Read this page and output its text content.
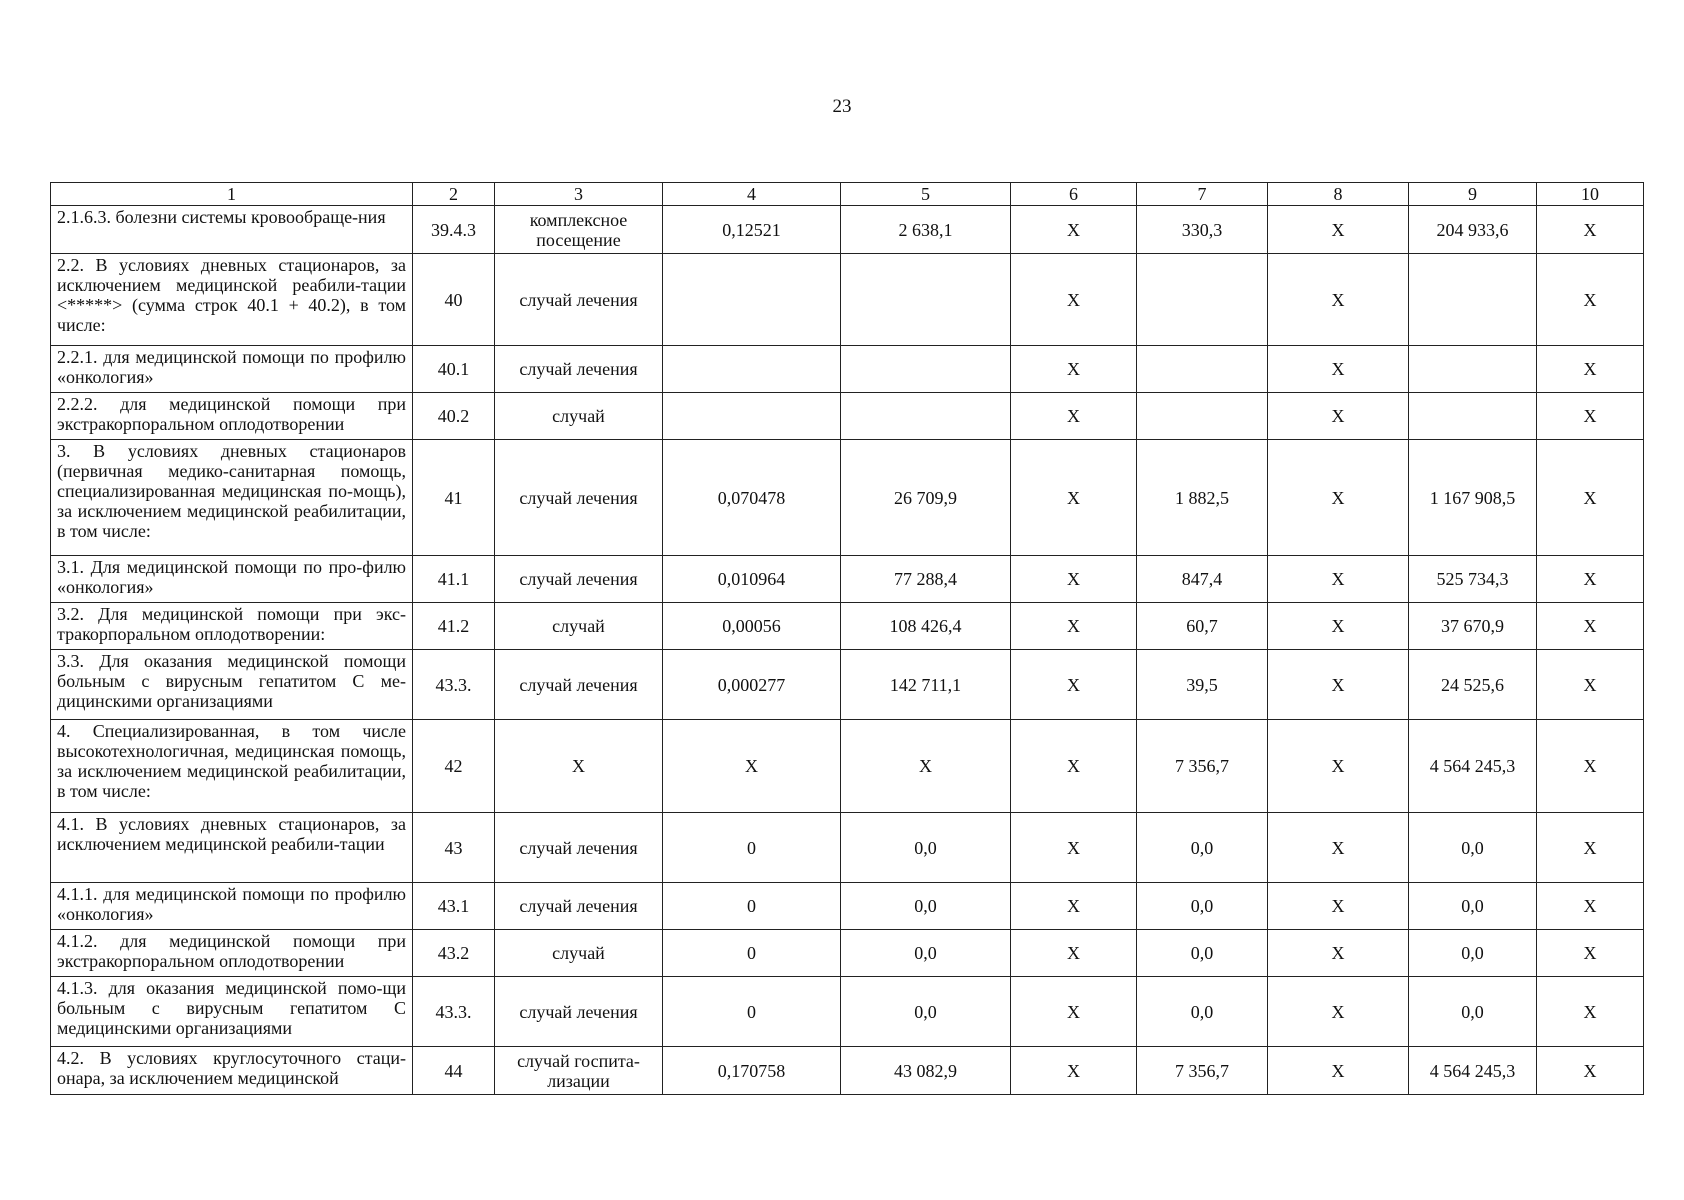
23
1	2	3	4	5	6	7	8	9	10
2.1.6.3. болезни системы кровообраще-ния	39.4.3	комплексное посещение	0,12521	2 638,1	X	330,3	X	204 933,6	X
2.2. В условиях дневных стационаров, за исключением медицинской реабили-тации <*****> (сумма строк 40.1 + 40.2), в том числе:	40	случай лечения			X		X		X
2.2.1. для медицинской помощи по профилю «онкология»	40.1	случай лечения			X		X		X
2.2.2. для медицинской помощи при экстракорпоральном оплодотворении	40.2	случай			X		X		X
3. В условиях дневных стационаров (первичная медико-санитарная помощь, специализированная медицинская по-мощь), за исключением медицинской реабилитации, в том числе:	41	случай лечения	0,070478	26 709,9	X	1 882,5	X	1 167 908,5	X
3.1. Для медицинской помощи по про-филю «онкология»	41.1	случай лечения	0,010964	77 288,4	X	847,4	X	525 734,3	X
3.2. Для медицинской помощи при экс-тракорпоральном оплодотворении:	41.2	случай	0,00056	108 426,4	X	60,7	X	37 670,9	X
3.3. Для оказания медицинской помощи больным с вирусным гепатитом С ме-дицинскими организациями	43.3.	случай лечения	0,000277	142 711,1	X	39,5	X	24 525,6	X
4. Специализированная, в том числе высокотехнологичная, медицинская помощь, за исключением медицинской реабилитации, в том числе:	42	X	X	X	X	7 356,7	X	4 564 245,3	X
4.1. В условиях дневных стационаров, за исключением медицинской реабили-тации	43	случай лечения	0	0,0	X	0,0	X	0,0	X
4.1.1. для медицинской помощи по профилю «онкология»	43.1	случай лечения	0	0,0	X	0,0	X	0,0	X
4.1.2. для медицинской помощи при экстракорпоральном оплодотворении	43.2	случай	0	0,0	X	0,0	X	0,0	X
4.1.3. для оказания медицинской помо-щи больным с вирусным гепатитом С медицинскими организациями	43.3.	случай лечения	0	0,0	X	0,0	X	0,0	X
4.2. В условиях круглосуточного стаци-онара, за исключением медицинской	44	случай госпита-лизации	0,170758	43 082,9	X	7 356,7	X	4 564 245,3	X
